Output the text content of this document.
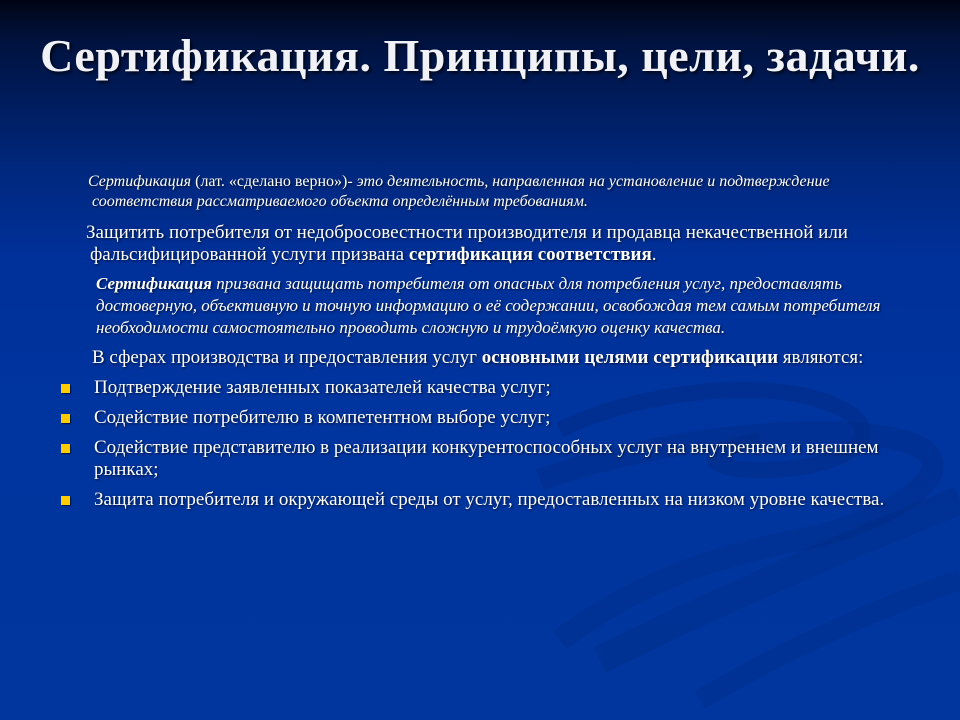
Сертификация. Принципы, цели, задачи.

Сертификация (лат. «сделано верно»)- это деятельность, направленная на установление и подтверждение соответствия рассматриваемого объекта определённым требованиям.

Защитить потребителя от недобросовестности производителя и продавца некачественной или фальсифицированной услуги призвана сертификация соответствия.

Сертификация призвана защищать потребителя от опасных для потребления услуг, предоставлять достоверную, объективную и точную информацию о её содержании, освобождая тем самым потребителя необходимости самостоятельно проводить сложную и трудоёмкую оценку качества.

В сферах производства и предоставления услуг основными целями сертификации являются:

Подтверждение заявленных показателей качества услуг;
Содействие потребителю в компетентном выборе услуг;
Содействие представителю в реализации конкурентоспособных услуг на внутреннем и внешнем рынках;
Защита потребителя и окружающей среды от услуг, предоставленных на низком уровне качества.
